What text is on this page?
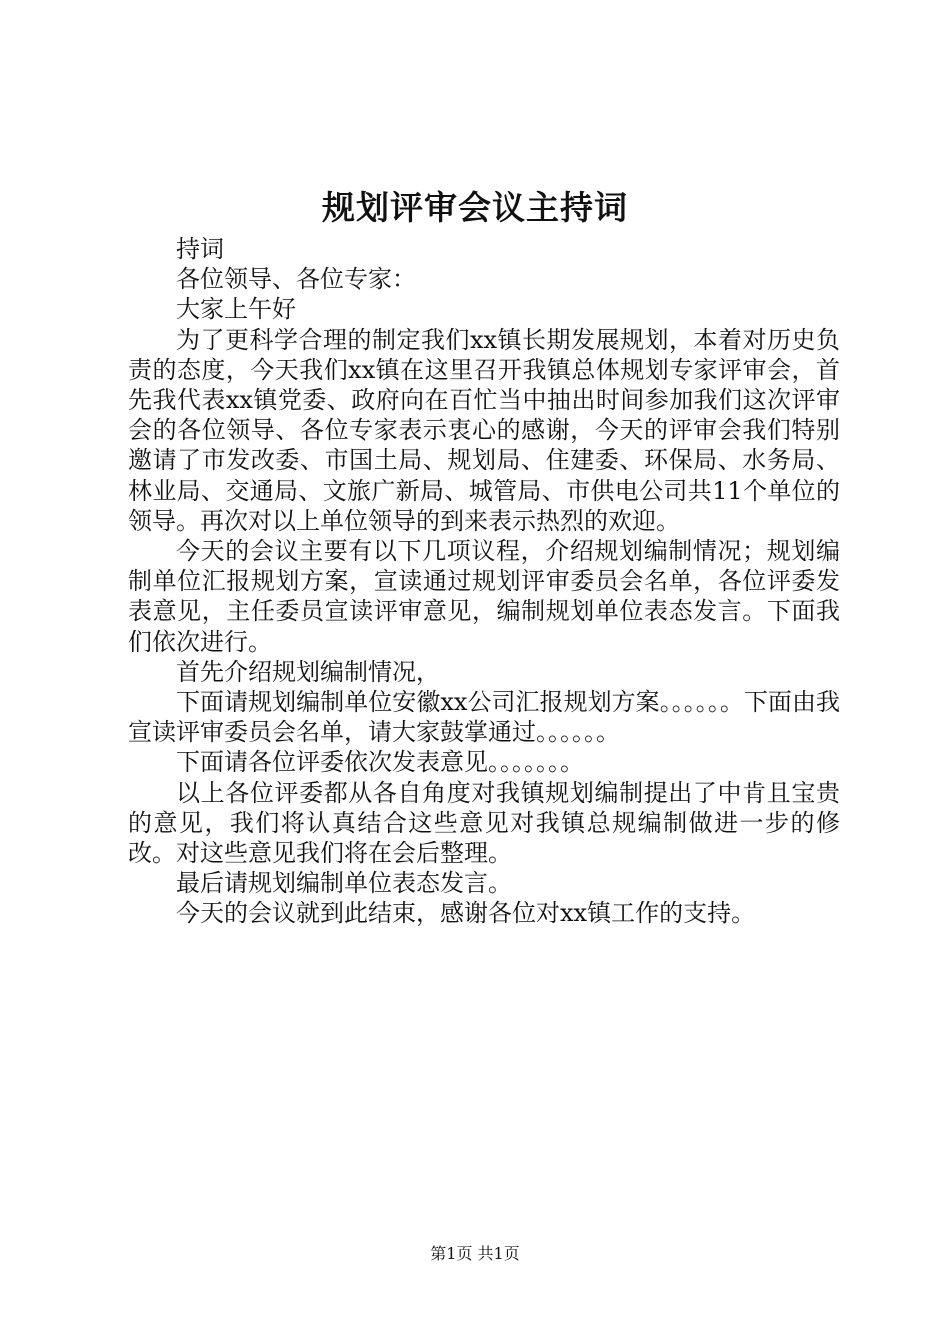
规划评审会议主持词

持词

各位领导、各位专家：

大家上午好

为了更科学合理的制定我们xx镇长期发展规划，本着对历史负责的态度，今天我们xx镇在这里召开我镇总体规划专家评审会，首先我代表xx镇党委、政府向在百忙当中抽出时间参加我们这次评审会的各位领导、各位专家表示衷心的感谢，今天的评审会我们特别邀请了市发改委、市国土局、规划局、住建委、环保局、水务局、林业局、交通局、文旅广新局、城管局、市供电公司共11个单位的领导。再次对以上单位领导的到来表示热烈的欢迎。

今天的会议主要有以下几项议程，介绍规划编制情况；规划编制单位汇报规划方案，宣读通过规划评审委员会名单，各位评委发表意见，主任委员宣读评审意见，编制规划单位表态发言。下面我们依次进行。

首先介绍规划编制情况，

下面请规划编制单位安徽xx公司汇报规划方案。。。。。。下面由我宣读评审委员会名单，请大家鼓掌通过。。。。。。

下面请各位评委依次发表意见。。。。。。。

以上各位评委都从各自角度对我镇规划编制提出了中肯且宝贵的意见，我们将认真结合这些意见对我镇总规编制做进一步的修改。对这些意见我们将在会后整理。

最后请规划编制单位表态发言。

今天的会议就到此结束，感谢各位对xx镇工作的支持。

第1页 共1页
